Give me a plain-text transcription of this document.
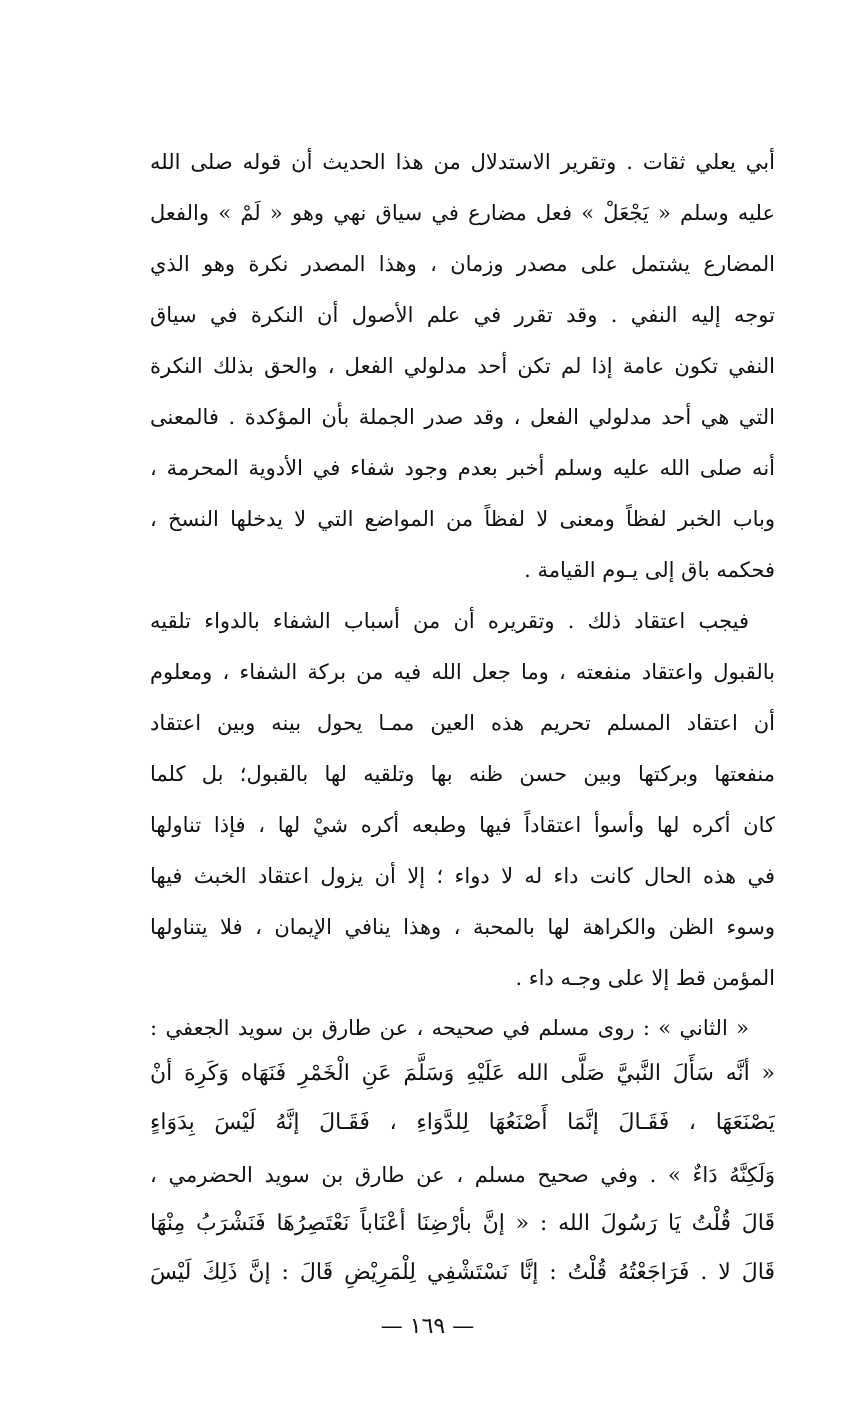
أبي يعلي ثقات . وتقرير الاستدلال من هذا الحديث أن قوله صلى الله
عليه وسلم « يَجْعَلْ » فعل مضارع في سياق نهي وهو « لَمْ » والفعل
المضارع يشتمل على مصدر وزمان ، وهذا المصدر نكرة وهو الذي
توجه إليه النفي . وقد تقرر في علم الأصول أن النكرة في سياق
النفي تكون عامة إذا لم تكن أحد مدلولي الفعل ، والحق بذلك النكرة
التي هي أحد مدلولي الفعل ، وقد صدر الجملة بأن المؤكدة . فالمعنى
أنه صلى الله عليه وسلم أخبر بعدم وجود شفاء في الأدوية المحرمة ،
وباب الخبر لفظاً ومعنى لا لفظاً من المواضع التي لا يدخلها النسخ ،
فحكمه باق إلى يـوم القيامة .
فيجب اعتقاد ذلك . وتقريره أن من أسباب الشفاء بالدواء تلقيه
بالقبول واعتقاد منفعته ، وما جعل الله فيه من بركة الشفاء ، ومعلوم
أن اعتقاد المسلم تحريم هذه العين ممـا يحول بينه وبين اعتقاد
منفعتها وبركتها وبين حسن ظنه بها وتلقيه لها بالقبول؛ بل كلما
كان أكره لها وأسوأ اعتقاداً فيها وطبعه أكره شيْ لها ، فإذا تناولها
في هذه الحال كانت داء له لا دواء ؛ إلا أن يزول اعتقاد الخبث فيها
وسوء الظن والكراهة لها بالمحبة ، وهذا ينافي الإيمان ، فلا يتناولها
المؤمن قط إلا على وجـه داء .
« الثاني » : روى مسلم في صحيحه ، عن طارق بن سويد الجعفي :
« أنَّه سَأَلَ النَّبيَّ صَلَّى الله عَلَيْهِ وَسَلَّمَ عَنِ الْخَمْرِ فَنَهَاه وَكَرِهَ أنْ
يَصْنَعَهَا ، فَقَـالَ إنَّمَا أَصْنَعُهَا لِلدَّوَاءِ ، فَقَـالَ إنَّهُ لَيْسَ بِدَوَاءٍ
وَلَكِنَّهُ دَاءٌ » . وفي صحيح مسلم ، عن طارق بن سويد الحضرمي ،
قَالَ قُلْتُ يَا رَسُولَ الله : « إنَّ بأرْضِنَا أعْنَاباً نَعْتَصِرُهَا فَنَشْرَبُ مِنْهَا
قَالَ لا . فَرَاجَعْتُهُ قُلْتُ : إنَّا نَسْتَشْفِي لِلْمَرِيْضِ قَالَ : إنَّ ذَلِكَ لَيْسَ
— ١٦٩ —
